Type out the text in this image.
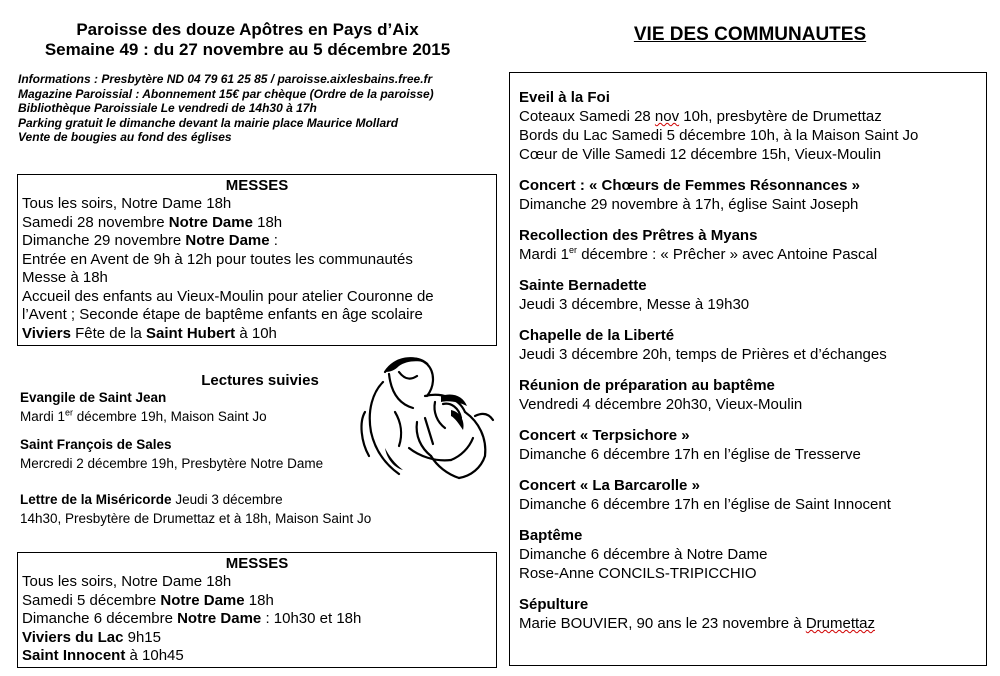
Paroisse des douze Apôtres en Pays d’Aix
Semaine 49 : du 27 novembre au 5 décembre 2015
Informations : Presbytère ND 04 79 61 25 85 / paroisse.aixlesbains.free.fr
Magazine Paroissial : Abonnement 15€ par chèque (Ordre de la paroisse)
Bibliothèque Paroissiale Le vendredi de 14h30 à 17h
Parking gratuit le dimanche devant la mairie place Maurice Mollard
Vente de bougies au fond des églises
MESSES
Tous les soirs, Notre Dame 18h
Samedi 28 novembre Notre Dame 18h
Dimanche 29 novembre Notre Dame :
Entrée en Avent de 9h à 12h pour toutes les communautés
Messe à 18h
Accueil des enfants au Vieux-Moulin pour atelier Couronne de
l’Avent ; Seconde étape de baptême enfants en âge scolaire
Viviers Fête de la Saint Hubert à 10h
Lectures suivies
Evangile de Saint Jean
Mardi 1er décembre 19h, Maison Saint Jo
Saint François de Sales
Mercredi 2 décembre 19h, Presbytère Notre Dame
Lettre de la Miséricorde Jeudi 3 décembre
14h30, Presbytère de Drumettaz et à 18h, Maison Saint Jo
MESSES
Tous les soirs, Notre Dame 18h
Samedi 5 décembre Notre Dame 18h
Dimanche 6 décembre Notre Dame : 10h30 et 18h
Viviers du Lac 9h15
Saint Innocent à 10h45
VIE DES COMMUNAUTES
Eveil à la Foi
Coteaux Samedi 28 nov 10h, presbytère de Drumettaz
Bords du Lac Samedi 5 décembre 10h, à la Maison Saint Jo
Cœur de Ville Samedi 12 décembre 15h, Vieux-Moulin
Concert : « Chœurs de Femmes Résonnances »
Dimanche 29 novembre à 17h, église Saint Joseph
Recollection des Prêtres à Myans
Mardi 1er décembre : « Prêcher » avec Antoine Pascal
Sainte Bernadette
Jeudi 3 décembre, Messe à 19h30
Chapelle de la Liberté
Jeudi 3 décembre 20h, temps de Prières et d’échanges
Réunion de préparation au baptême
Vendredi 4 décembre 20h30, Vieux-Moulin
Concert « Terpsichore »
Dimanche 6 décembre 17h en l’église de Tresserve
Concert « La Barcarolle »
Dimanche 6 décembre 17h en l’église de Saint Innocent
Baptême
Dimanche 6 décembre à Notre Dame
Rose-Anne CONCILS-TRIPICCHIO
Sépulture
Marie BOUVIER, 90 ans le 23 novembre à Drumettaz
